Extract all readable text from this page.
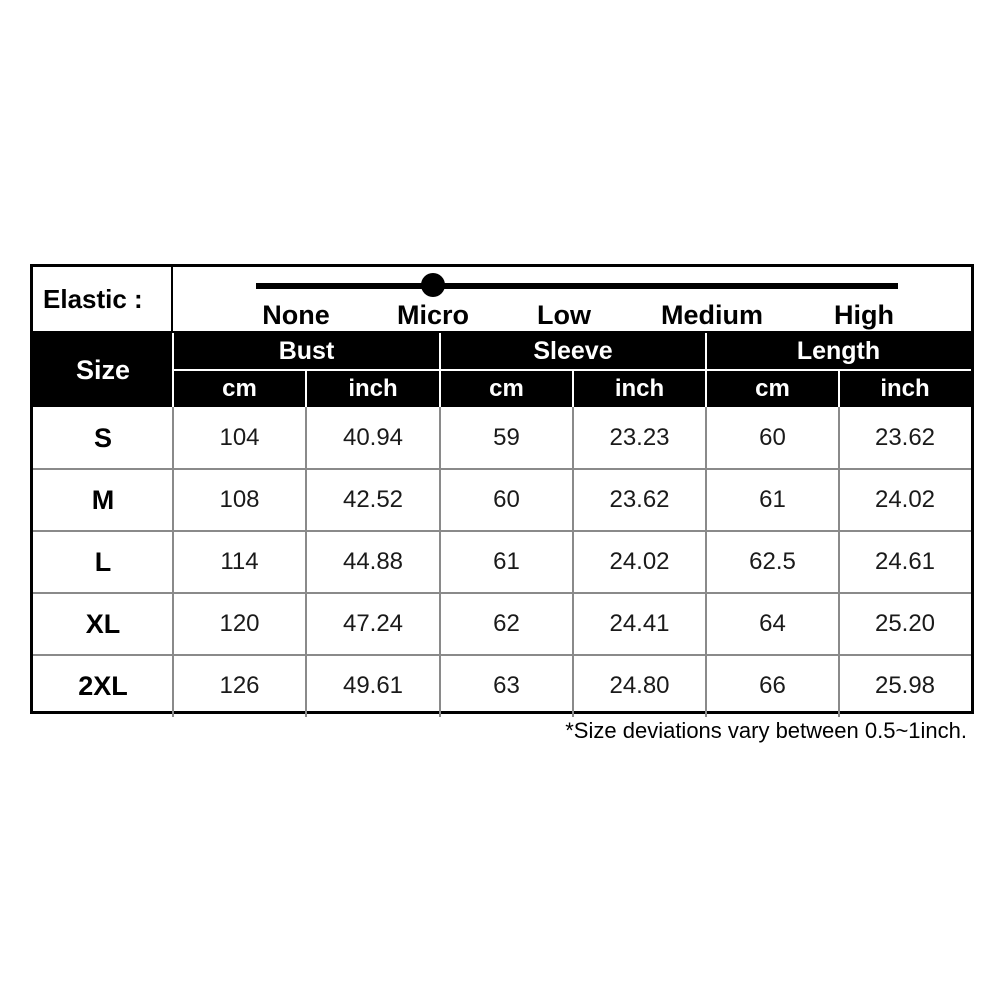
Elastic :
None Micro	Low	Medium	High
Size
Bust	Sleeve	Length
cm	inch	cm	inch	cm	inch
S	104	40.94	59	23.23	60	23.62
M	108	42.52	60	23.62	61	24.02
L	114	44.88	61	24.02	62.5	24.61
XL	120	47.24	62	24.41	64	25.20
2XL	126	49.61	63	24.80	66	25.98
*Size deviations vary between 0.5~1inch.
